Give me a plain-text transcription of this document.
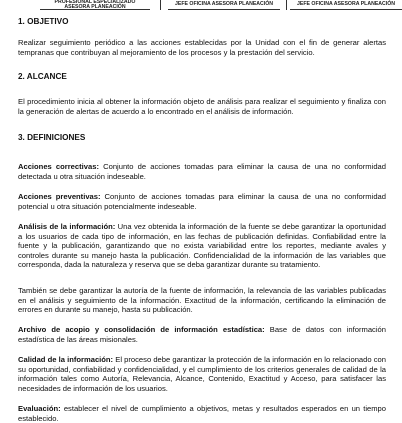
PROFESIONAL ESPECIALIZADO
ASESORA PLANEACIÓN	JEFE OFICINA ASESORA PLANEACIÓN	JEFE OFICINA ASESORA PLANEACIÓN
1. OBJETIVO

Realizar seguimiento periódico a las acciones establecidas por la Unidad con el fin de generar alertas tempranas que contribuyan al mejoramiento de los procesos y la prestación del servicio.

2. ALCANCE

El procedimiento inicia al obtener la información objeto de análisis para realizar el seguimiento y finaliza con la generación de alertas de acuerdo a lo encontrado en el análisis de información.

3. DEFINICIONES

Acciones correctivas: Conjunto de acciones tomadas para eliminar la causa de una no conformidad detectada u otra situación indeseable.

Acciones preventivas: Conjunto de acciones tomadas para eliminar la causa de una no conformidad potencial u otra situación potencialmente indeseable.

Análisis de la información: Una vez obtenida la información de la fuente se debe garantizar la oportunidad a los usuarios de cada tipo de información, en las fechas de publicación definidas. Confiabilidad entre la fuente y la publicación, garantizando que no exista variabilidad entre los reportes, mediante avales y controles durante su manejo hasta la publicación. Confidencialidad de la información de las variables que corresponda, dada la naturaleza y reserva que se deba garantizar durante su tratamiento.

También se debe garantizar la autoría de la fuente de información, la relevancia de las variables publicadas en el análisis y seguimiento de la información. Exactitud de la información, certificando la eliminación de errores en durante su manejo, hasta su publicación.

Archivo de acopio y consolidación de información estadística: Base de datos con información estadística de las áreas misionales.

Calidad de la información: El proceso debe garantizar la protección de la información en lo relacionado con su oportunidad, confiabilidad y confidencialidad, y el cumplimiento de los criterios generales de calidad de la información tales como Autoría, Relevancia, Alcance, Contenido, Exactitud y Acceso, para satisfacer las necesidades de información de los usuarios.

Evaluación: establecer el nivel de cumplimiento a objetivos, metas y resultados esperados en un tiempo establecido.
